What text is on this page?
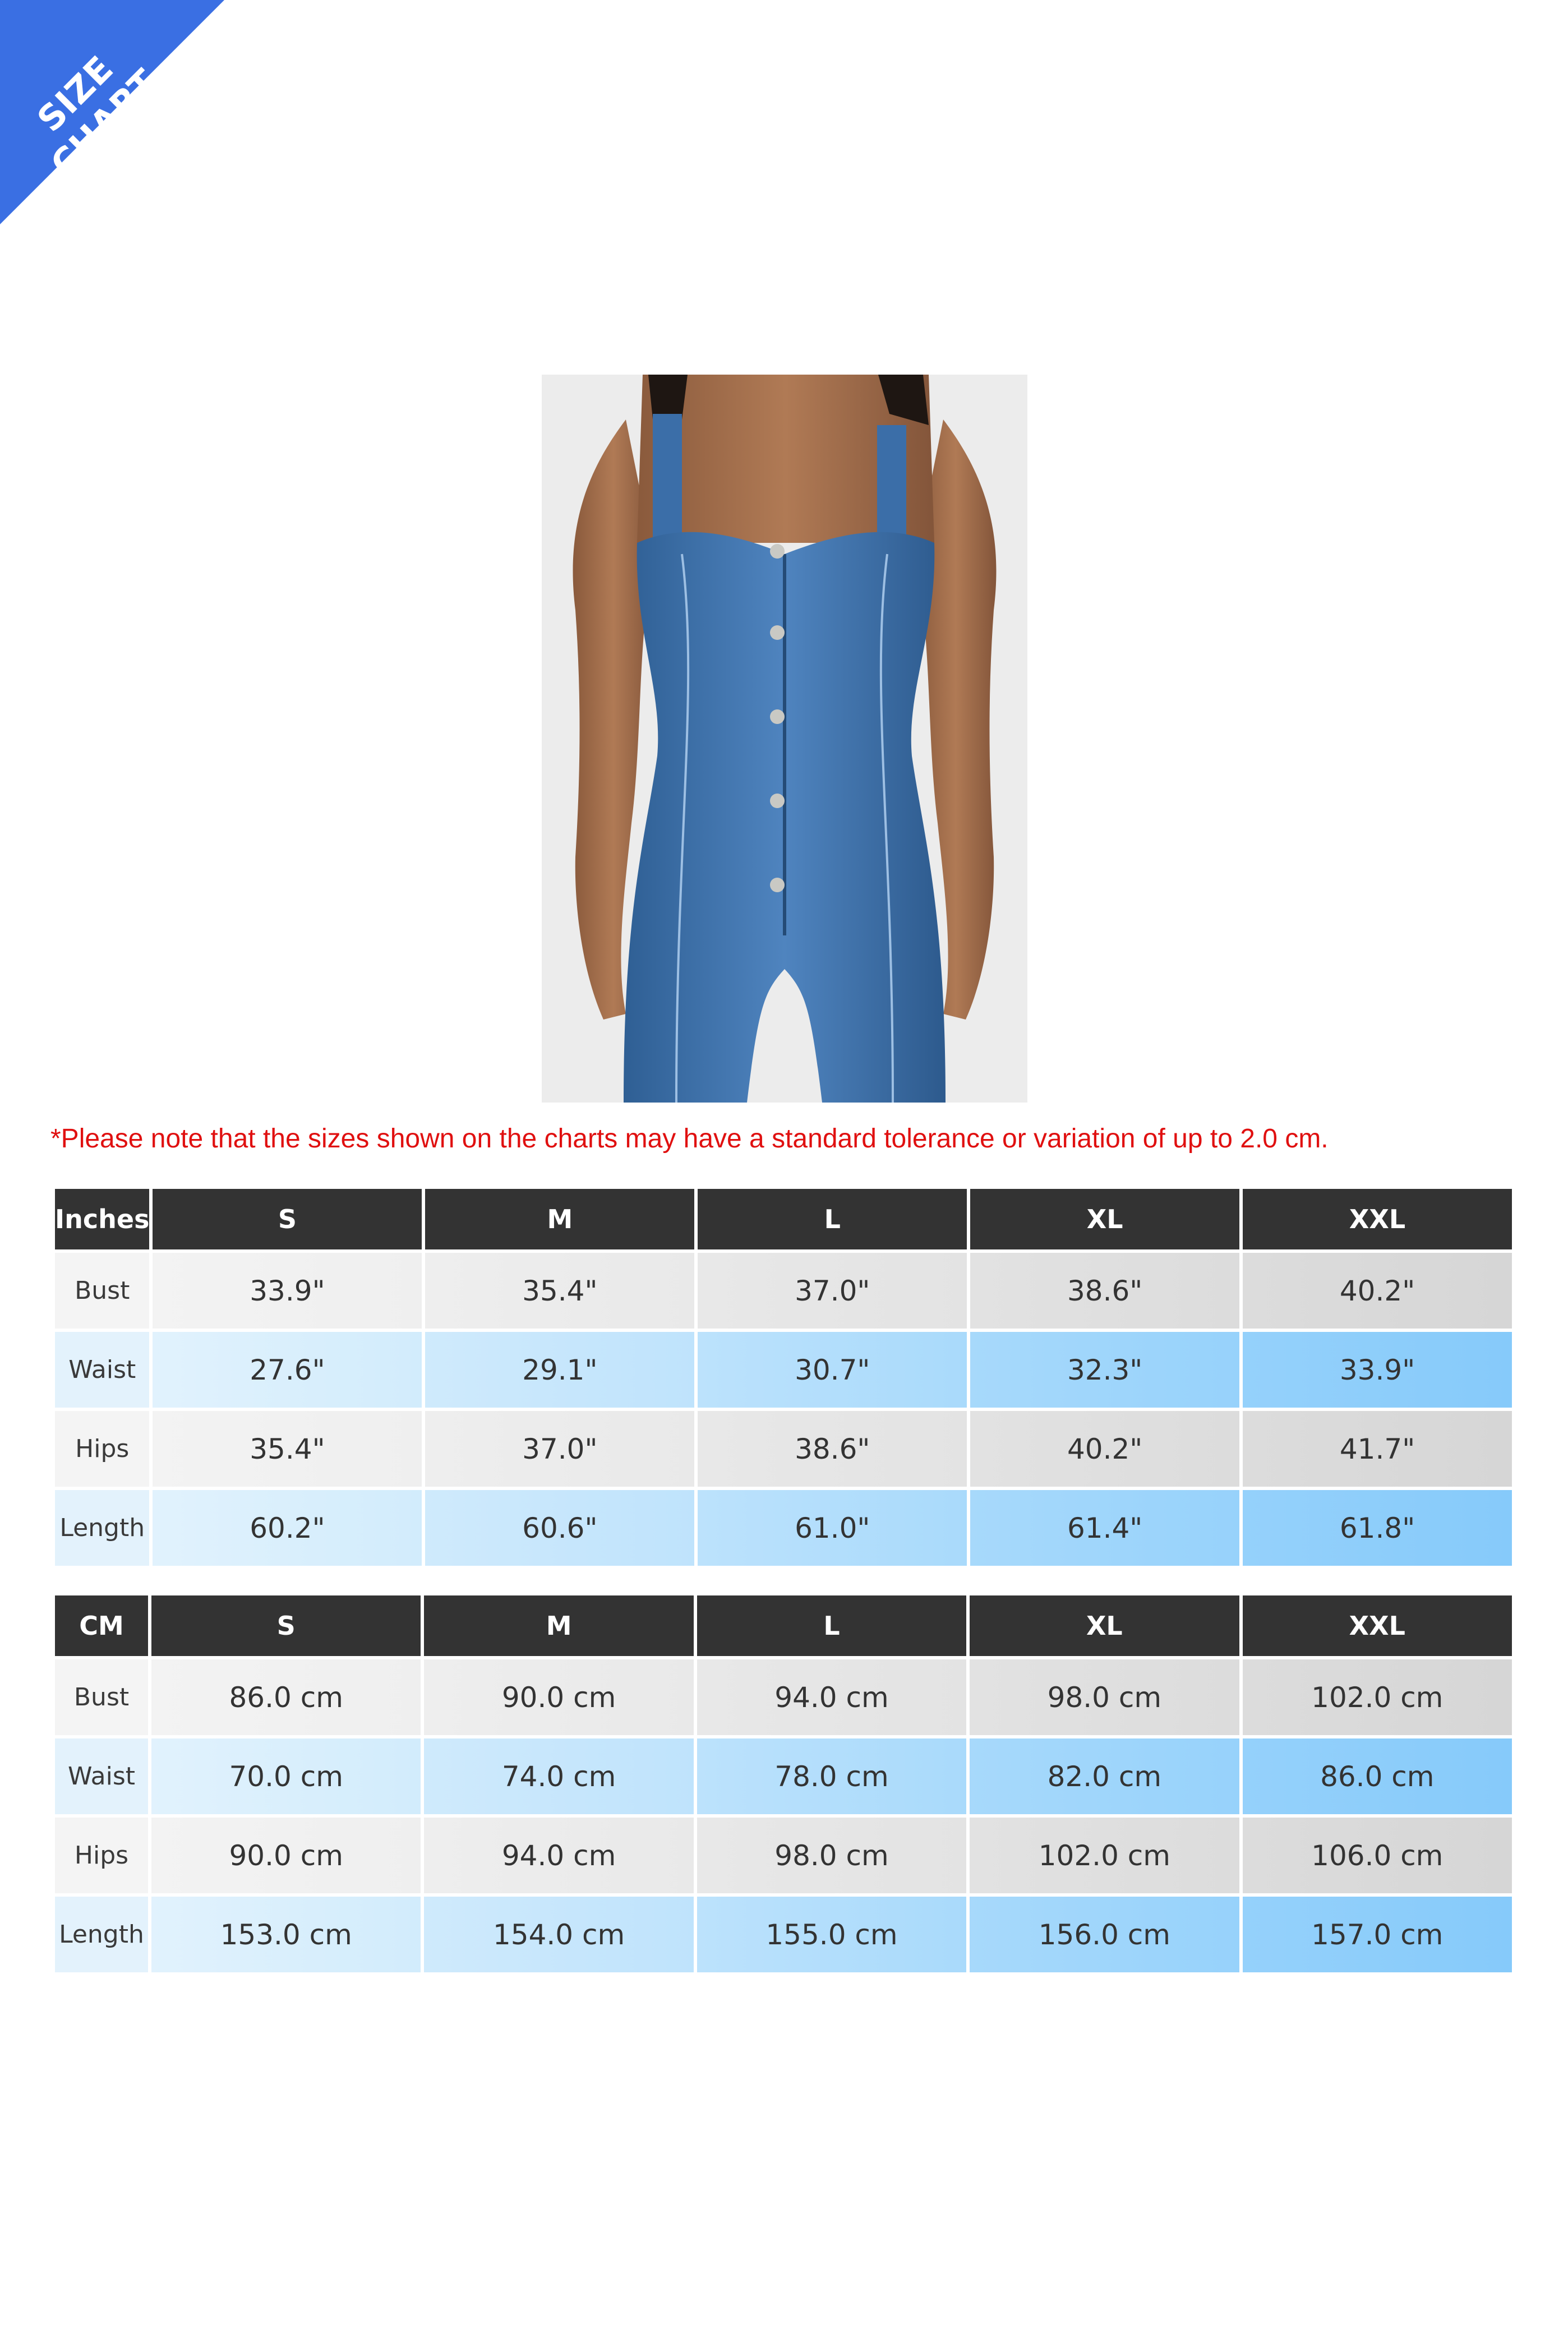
SIZE CHART
*Please note that the sizes shown on the charts may have a standard tolerance or variation of up to 2.0 cm.
Inches	S	M	L	XL	XXL
Bust	33.9"	35.4"	37.0"	38.6"	40.2"
Waist	27.6"	29.1"	30.7"	32.3"	33.9"
Hips	35.4"	37.0"	38.6"	40.2"	41.7"
Length	60.2"	60.6"	61.0"	61.4"	61.8"
CM	S	M	L	XL	XXL
Bust	86.0 cm	90.0 cm	94.0 cm	98.0 cm	102.0 cm
Waist	70.0 cm	74.0 cm	78.0 cm	82.0 cm	86.0 cm
Hips	90.0 cm	94.0 cm	98.0 cm	102.0 cm	106.0 cm
Length	153.0 cm	154.0 cm	155.0 cm	156.0 cm	157.0 cm
